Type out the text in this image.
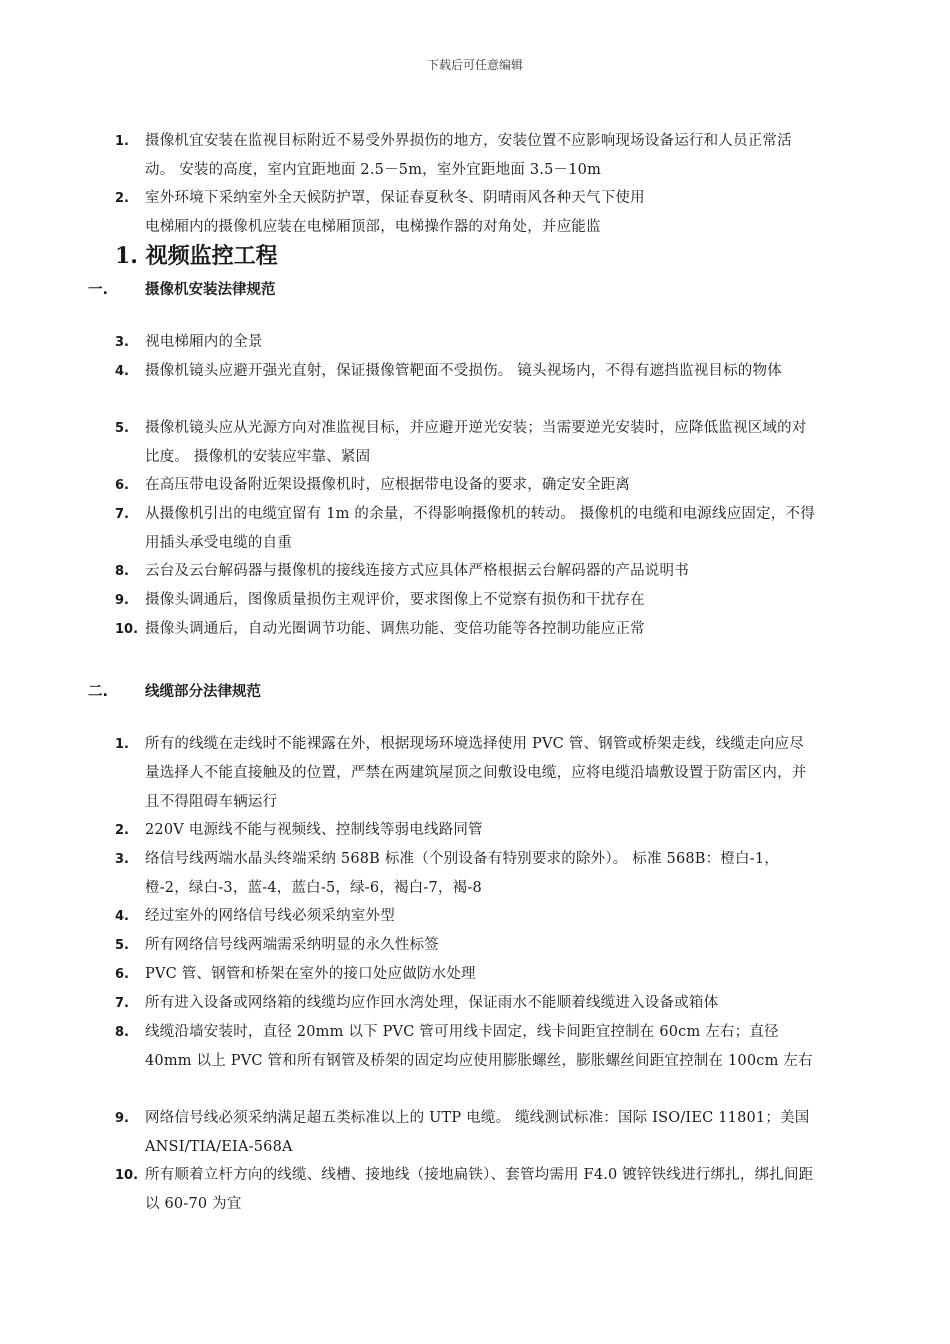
下载后可任意编辑
1.	摄像机宜安装在监视目标附近不易受外界损伤的地方，安装位置不应影响现场设备运行和人员正常活动。 安装的高度，室内宜距地面 2.5－5m，室外宜距地面 3.5－10m
2.	室外环境下采纳室外全天候防护罩，保证春夏秋冬、阴晴雨风各种天气下使用
电梯厢内的摄像机应装在电梯厢顶部，电梯操作器的对角处，并应能监
1. 视频监控工程
一.	摄像机安装法律规范
3.	视电梯厢内的全景
4.	摄像机镜头应避开强光直射，保证摄像管靶面不受损伤。 镜头视场内，不得有遮挡监视目标的物体
5.	摄像机镜头应从光源方向对准监视目标，并应避开逆光安装；当需要逆光安装时，应降低监视区域的对比度。 摄像机的安装应牢靠、紧固
6.	在高压带电设备附近架设摄像机时，应根据带电设备的要求，确定安全距离
7.	从摄像机引出的电缆宜留有 1m 的余量，不得影响摄像机的转动。 摄像机的电缆和电源线应固定，不得用插头承受电缆的自重
8.	云台及云台解码器与摄像机的接线连接方式应具体严格根据云台解码器的产品说明书
9.	摄像头调通后，图像质量损伤主观评价，要求图像上不觉察有损伤和干扰存在
10. 摄像头调通后，自动光圈调节功能、调焦功能、变倍功能等各控制功能应正常
二.	线缆部分法律规范
1.	所有的线缆在走线时不能裸露在外，根据现场环境选择使用 PVC 管、钢管或桥架走线，线缆走向应尽量选择人不能直接触及的位置，严禁在两建筑屋顶之间敷设电缆，应将电缆沿墙敷设置于防雷区内，并且不得阻碍车辆运行
2.	220V 电源线不能与视频线、控制线等弱电线路同管
3.	络信号线两端水晶头终端采纳 568B 标准（个别设备有特别要求的除外）。 标准 568B：橙白-1，橙-2，绿白-3，蓝-4，蓝白-5，绿-6，褐白-7，褐-8
4.	经过室外的网络信号线必须采纳室外型
5.	所有网络信号线两端需采纳明显的永久性标签
6.	PVC 管、钢管和桥架在室外的接口处应做防水处理
7.	所有进入设备或网络箱的线缆均应作回水湾处理，保证雨水不能顺着线缆进入设备或箱体
8.	线缆沿墙安装时，直径 20mm 以下 PVC 管可用线卡固定，线卡间距宜控制在 60cm 左右；直径 40mm 以上 PVC 管和所有钢管及桥架的固定均应使用膨胀螺丝，膨胀螺丝间距宜控制在 100cm 左右
9.	网络信号线必须采纳满足超五类标准以上的 UTP 电缆。 缆线测试标准：国际 ISO/IEC 11801；美国 ANSI/TIA/EIA-568A
10. 所有顺着立杆方向的线缆、线槽、接地线（接地扁铁）、套管均需用 F4.0 镀锌铁线进行绑扎，绑扎间距以 60-70 为宜
